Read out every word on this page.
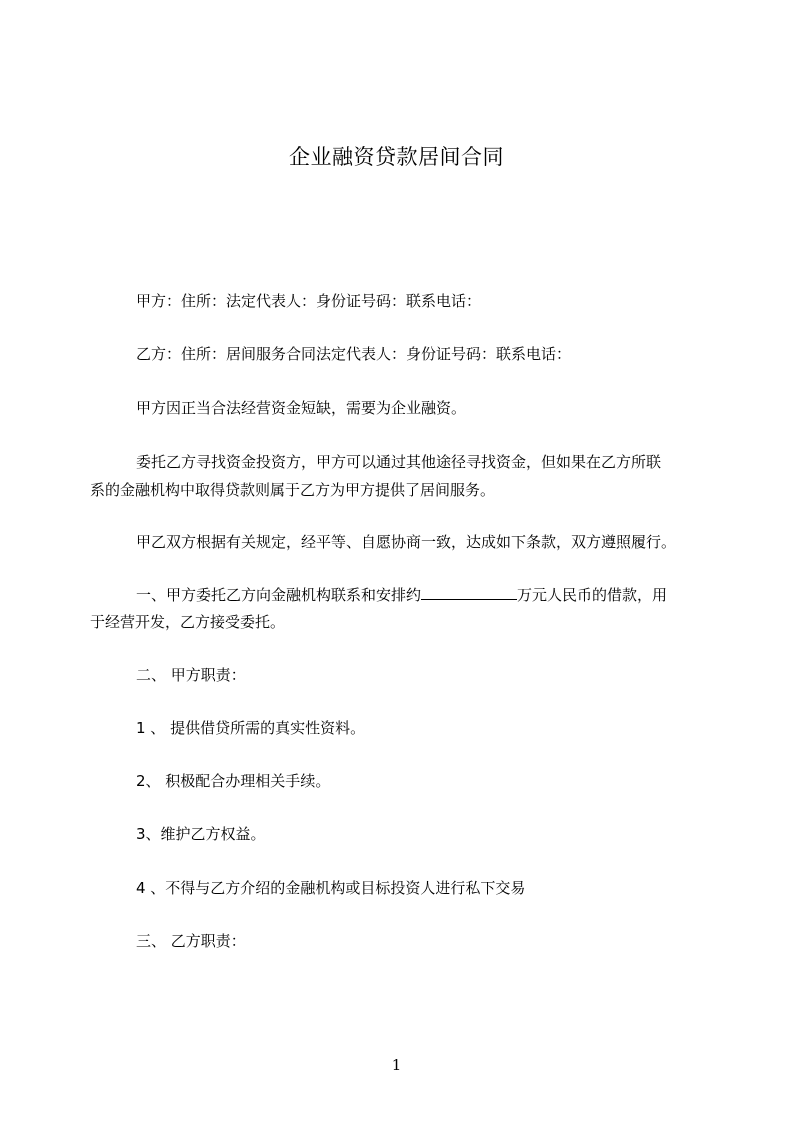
企业融资贷款居间合同
甲方：住所：法定代表人：身份证号码：联系电话：
乙方：住所：居间服务合同法定代表人：身份证号码：联系电话：
甲方因正当合法经营资金短缺，需要为企业融资。
委托乙方寻找资金投资方，甲方可以通过其他途径寻找资金，但如果在乙方所联
系的金融机构中取得贷款则属于乙方为甲方提供了居间服务。
甲乙双方根据有关规定，经平等、自愿协商一致，达成如下条款，双方遵照履行。
一、甲方委托乙方向金融机构联系和安排约	万元人民币的借款，用
于经营开发，乙方接受委托。
二、 甲方职责：
1 、 提供借贷所需的真实性资料。
2、 积极配合办理相关手续。
3、维护乙方权益。
4 、不得与乙方介绍的金融机构或目标投资人进行私下交易
三、 乙方职责：
1
